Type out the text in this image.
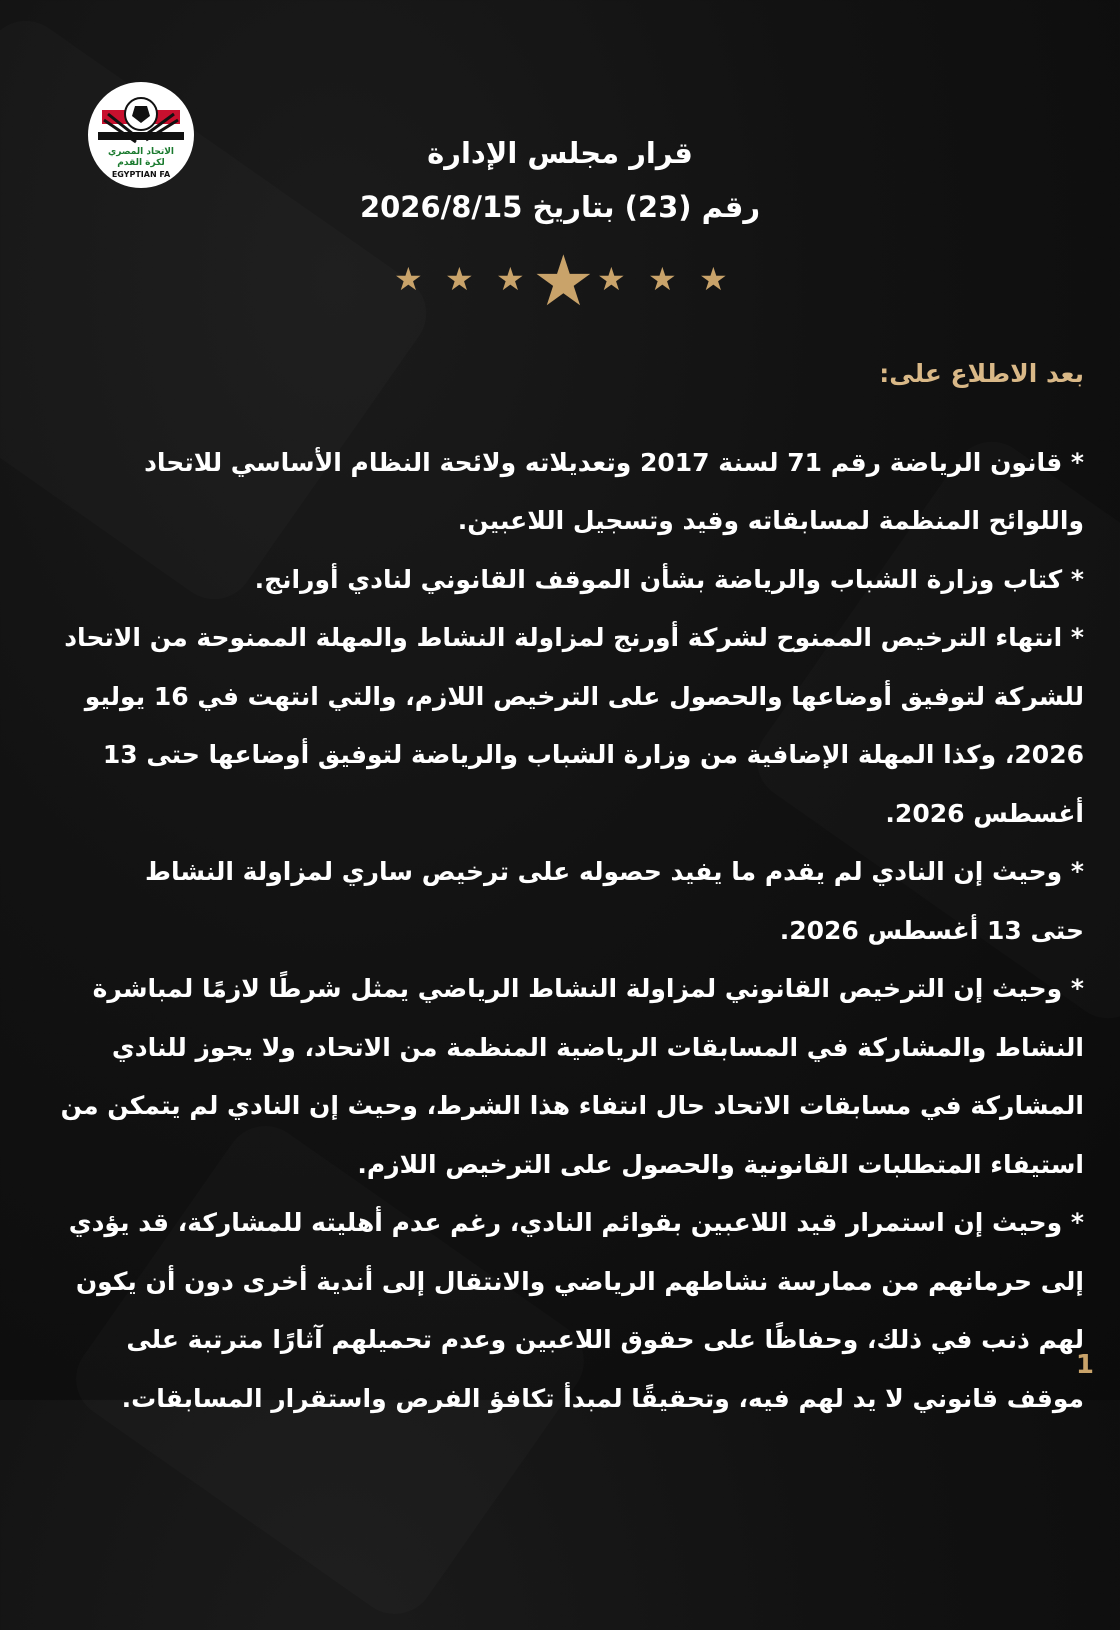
الاتحاد المصري
لكرة القدم
EGYPTIAN FA
قرار مجلس الإدارة
رقم (23) بتاريخ 2026/8/15
★ ★ ★ ★ ★ ★ ★
بعد الاطلاع على:

* قانون الرياضة رقم 71 لسنة 2017 وتعديلاته ولائحة النظام الأساسي للاتحاد واللوائح المنظمة لمسابقاته وقيد وتسجيل اللاعبين.

* كتاب وزارة الشباب والرياضة بشأن الموقف القانوني لنادي أورانج.

* انتهاء الترخيص الممنوح لشركة أورنج لمزاولة النشاط والمهلة الممنوحة من الاتحاد للشركة لتوفيق أوضاعها والحصول على الترخيص اللازم، والتي انتهت في 16 يوليو 2026، وكذا المهلة الإضافية من وزارة الشباب والرياضة لتوفيق أوضاعها حتى 13 أغسطس 2026.

* وحيث إن النادي لم يقدم ما يفيد حصوله على ترخيص ساري لمزاولة النشاط

حتى 13 أغسطس 2026.

* وحيث إن الترخيص القانوني لمزاولة النشاط الرياضي يمثل شرطًا لازمًا لمباشرة النشاط والمشاركة في المسابقات الرياضية المنظمة من الاتحاد، ولا يجوز للنادي المشاركة في مسابقات الاتحاد حال انتفاء هذا الشرط، وحيث إن النادي لم يتمكن من استيفاء المتطلبات القانونية والحصول على الترخيص اللازم.

* وحيث إن استمرار قيد اللاعبين بقوائم النادي، رغم عدم أهليته للمشاركة، قد يؤدي إلى حرمانهم من ممارسة نشاطهم الرياضي والانتقال إلى أندية أخرى دون أن يكون لهم ذنب في ذلك، وحفاظًا على حقوق اللاعبين وعدم تحميلهم آثارًا مترتبة على موقف قانوني لا يد لهم فيه، وتحقيقًا لمبدأ تكافؤ الفرص واستقرار المسابقات.

1
